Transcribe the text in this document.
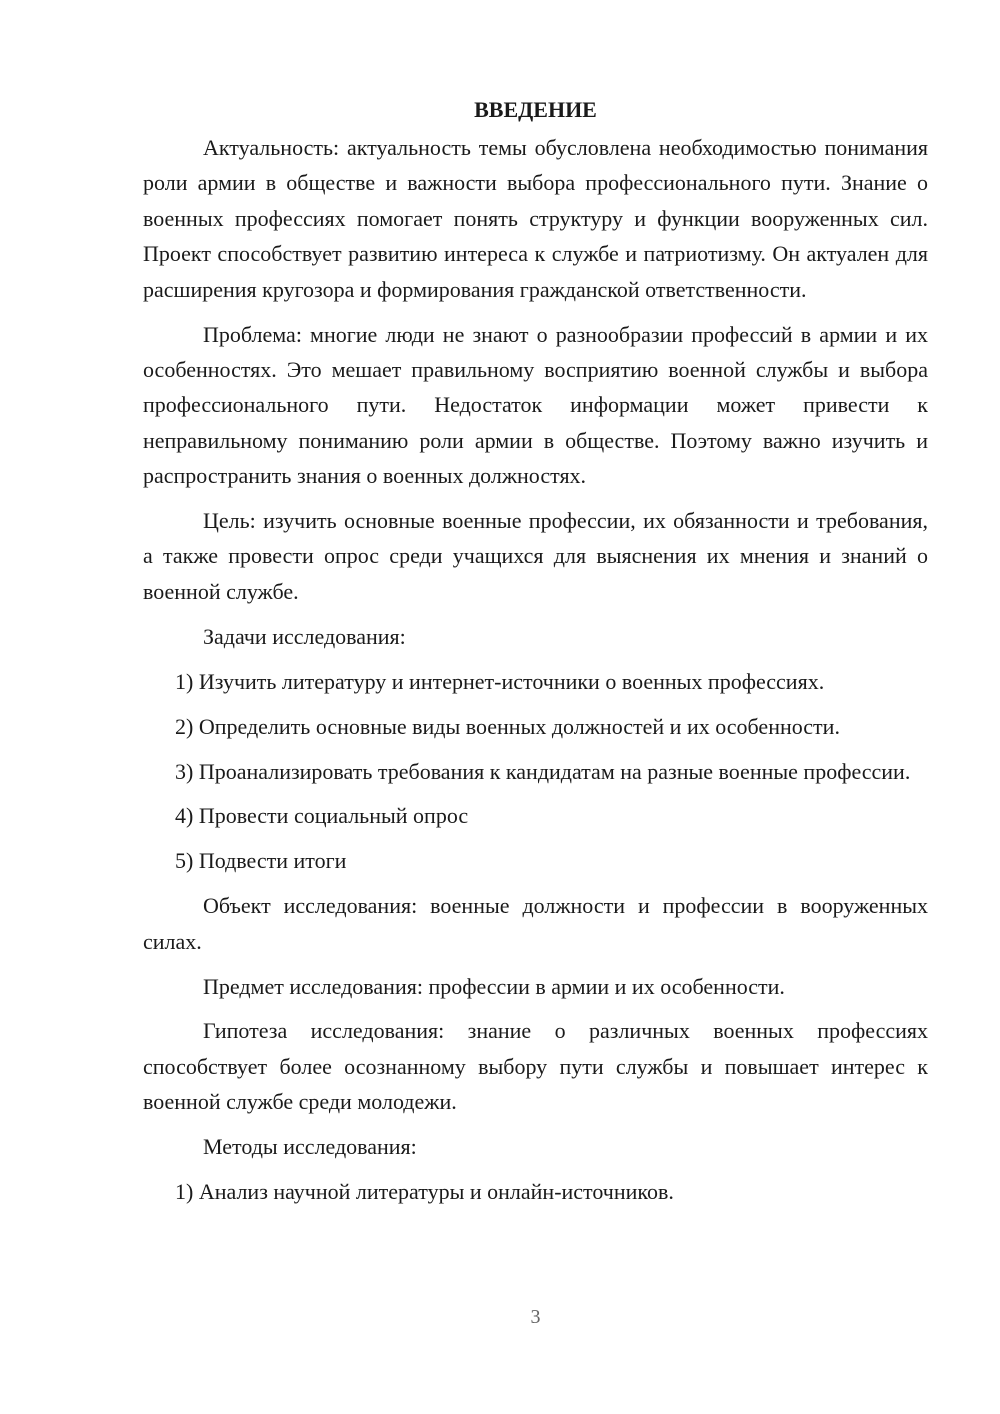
ВВЕДЕНИЕ

Актуальность: актуальность темы обусловлена необходимостью понимания роли армии в обществе и важности выбора профессионального пути. Знание о военных профессиях помогает понять структуру и функции вооруженных сил. Проект способствует развитию интереса к службе и патриотизму. Он актуален для расширения кругозора и формирования гражданской ответственности.

Проблема: многие люди не знают о разнообразии профессий в армии и их особенностях. Это мешает правильному восприятию военной службы и выбора профессионального пути. Недостаток информации может привести к неправильному пониманию роли армии в обществе. Поэтому важно изучить и распространить знания о военных должностях.

Цель: изучить основные военные профессии, их обязанности и требования, а также провести опрос среди учащихся для выяснения их мнения и знаний о военной службе.

Задачи исследования:

1) Изучить литературу и интернет-источники о военных профессиях.

2) Определить основные виды военных должностей и их особенности.

3) Проанализировать требования к кандидатам на разные военные профессии.

4) Провести социальный опрос

5) Подвести итоги

Объект исследования: военные должности и профессии в вооруженных силах.

Предмет исследования: профессии в армии и их особенности.

Гипотеза исследования: знание о различных военных профессиях способствует более осознанному выбору пути службы и повышает интерес к военной службе среди молодежи.

Методы исследования:

1) Анализ научной литературы и онлайн-источников.

3
